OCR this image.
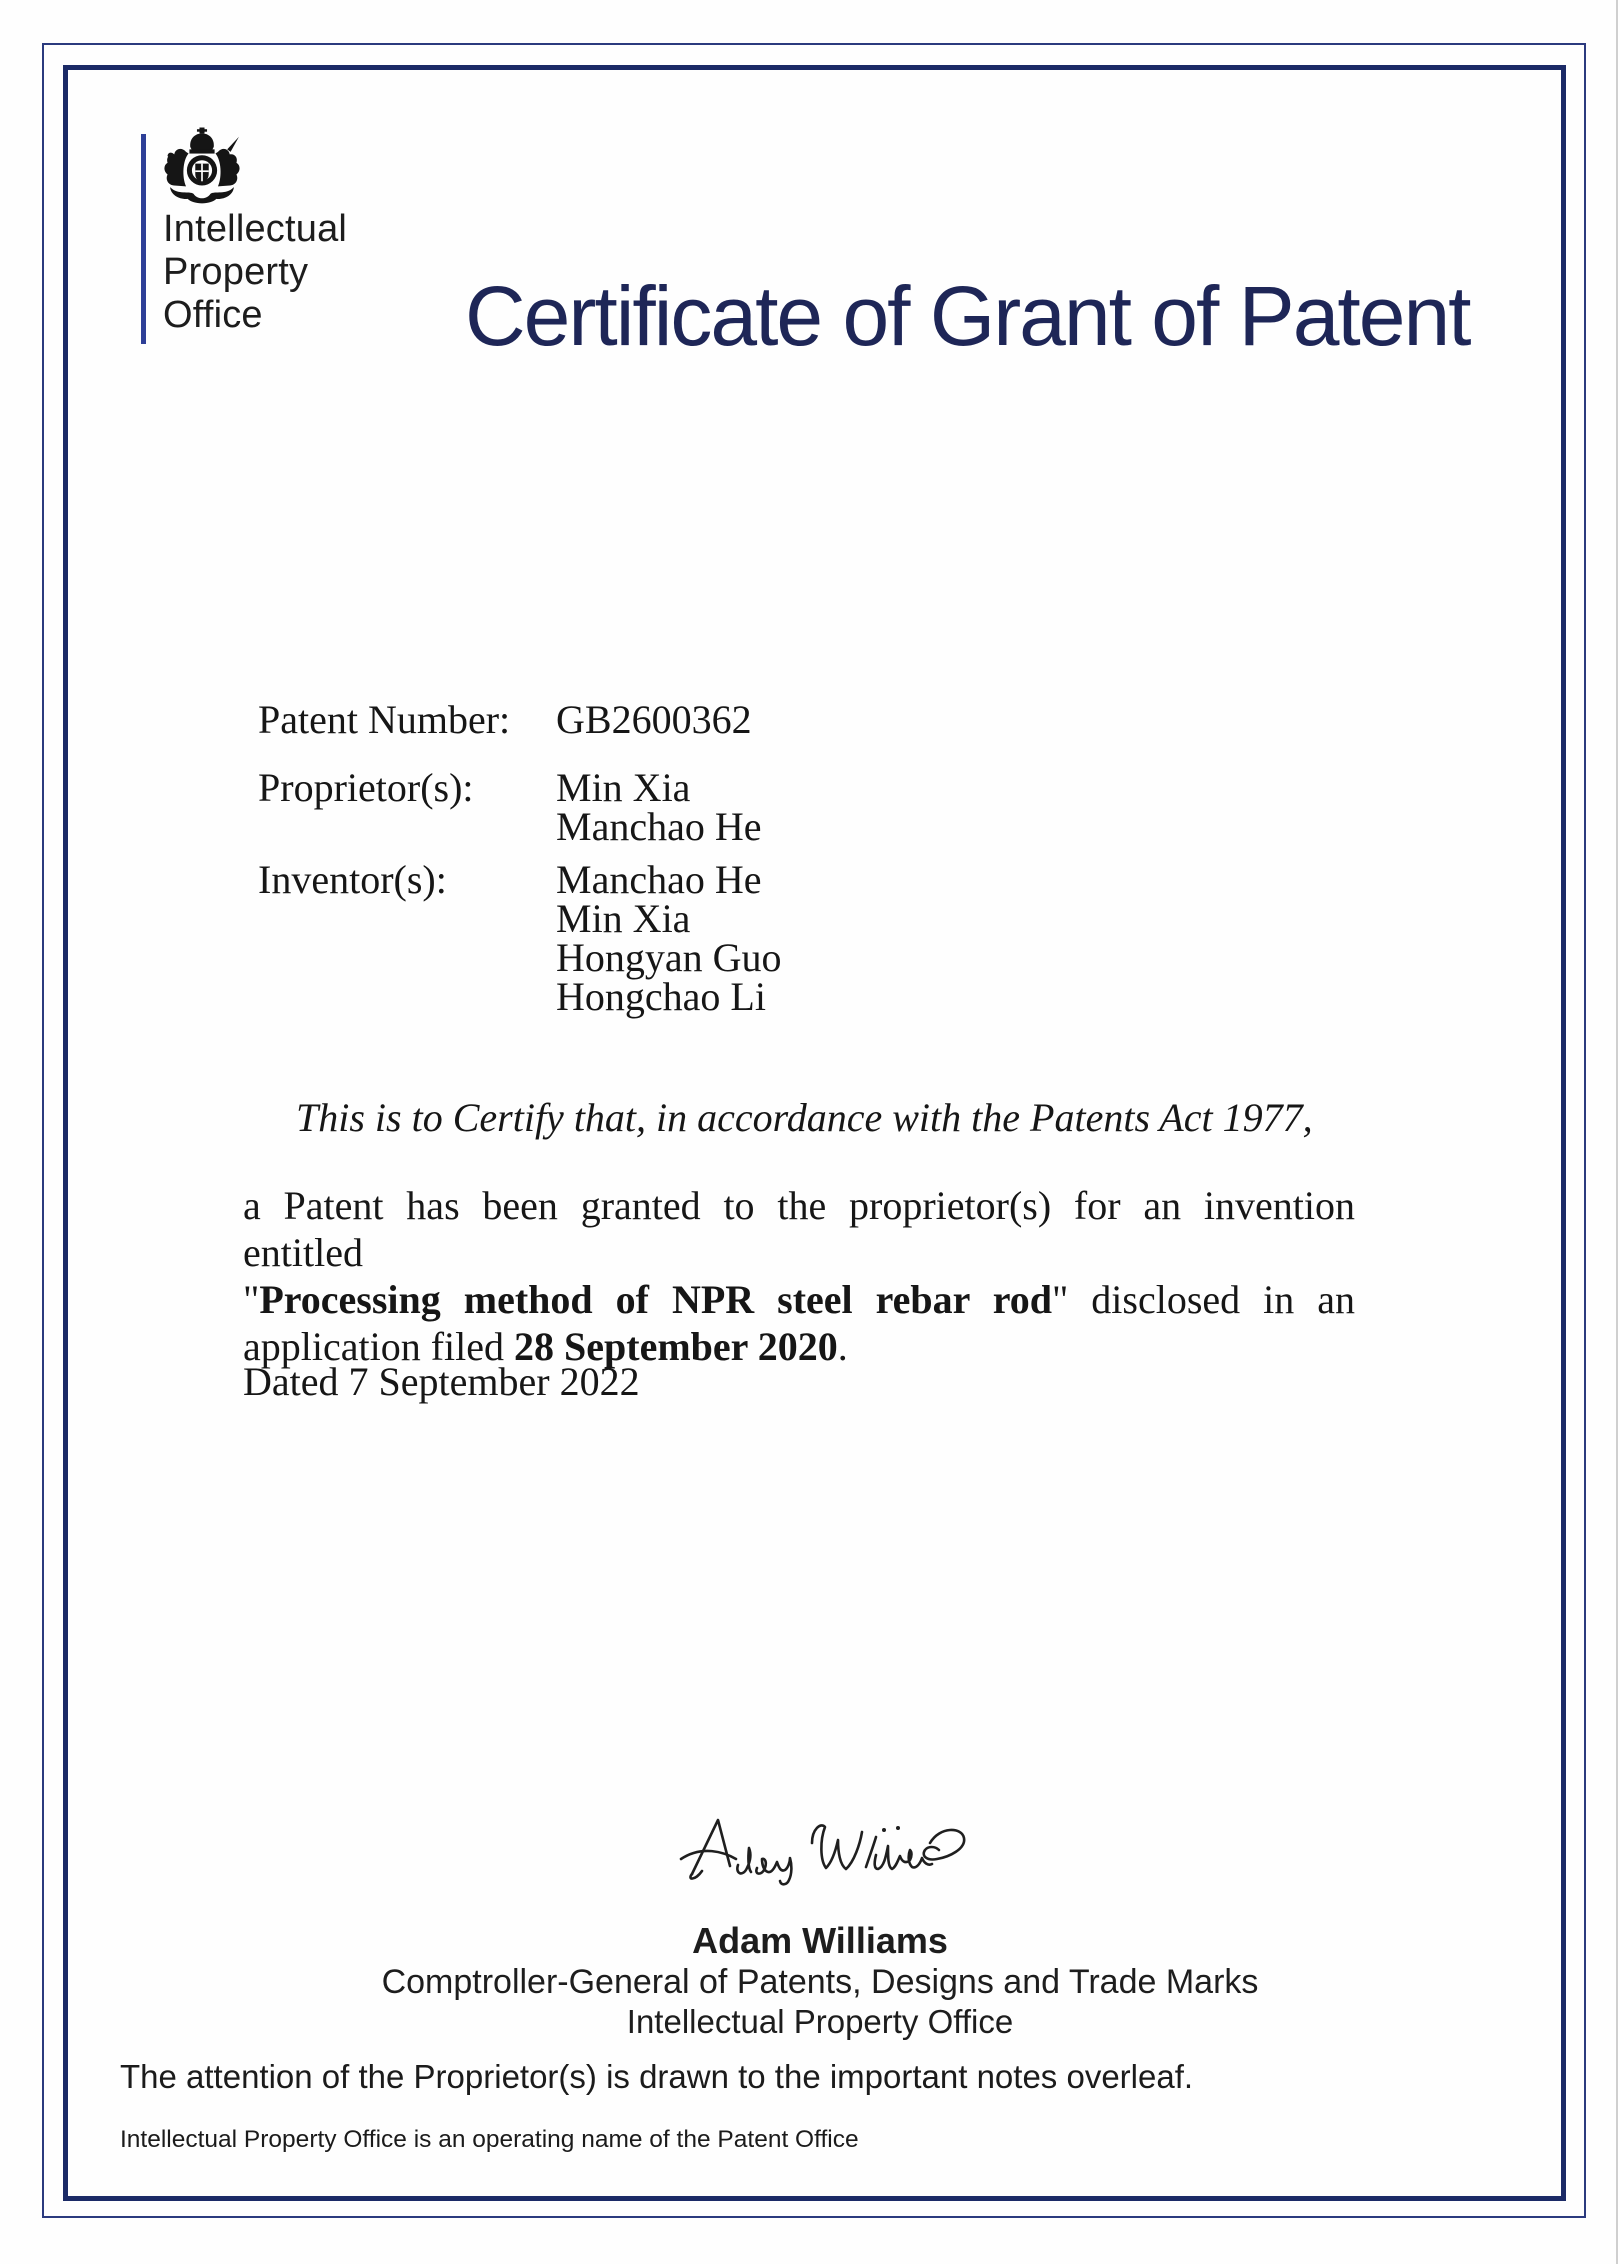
Intellectual
Property
Office	Certificate of Grant of Patent
Patent Number:	GB2600362
Proprietor(s):	Min Xia
Manchao He
Inventor(s):	Manchao He
Min Xia
Hongyan Guo
Hongchao Li
This is to Certify that, in accordance with the Patents Act 1977,
a Patent has been granted to the proprietor(s) for an invention entitled
"Processing method of NPR steel rebar rod" disclosed in an
application filed 28 September 2020.
Dated 7 September 2022
Adam Williams
Comptroller-General of Patents, Designs and Trade Marks
Intellectual Property Office
The attention of the Proprietor(s) is drawn to the important notes overleaf.
Intellectual Property Office is an operating name of the Patent Office
